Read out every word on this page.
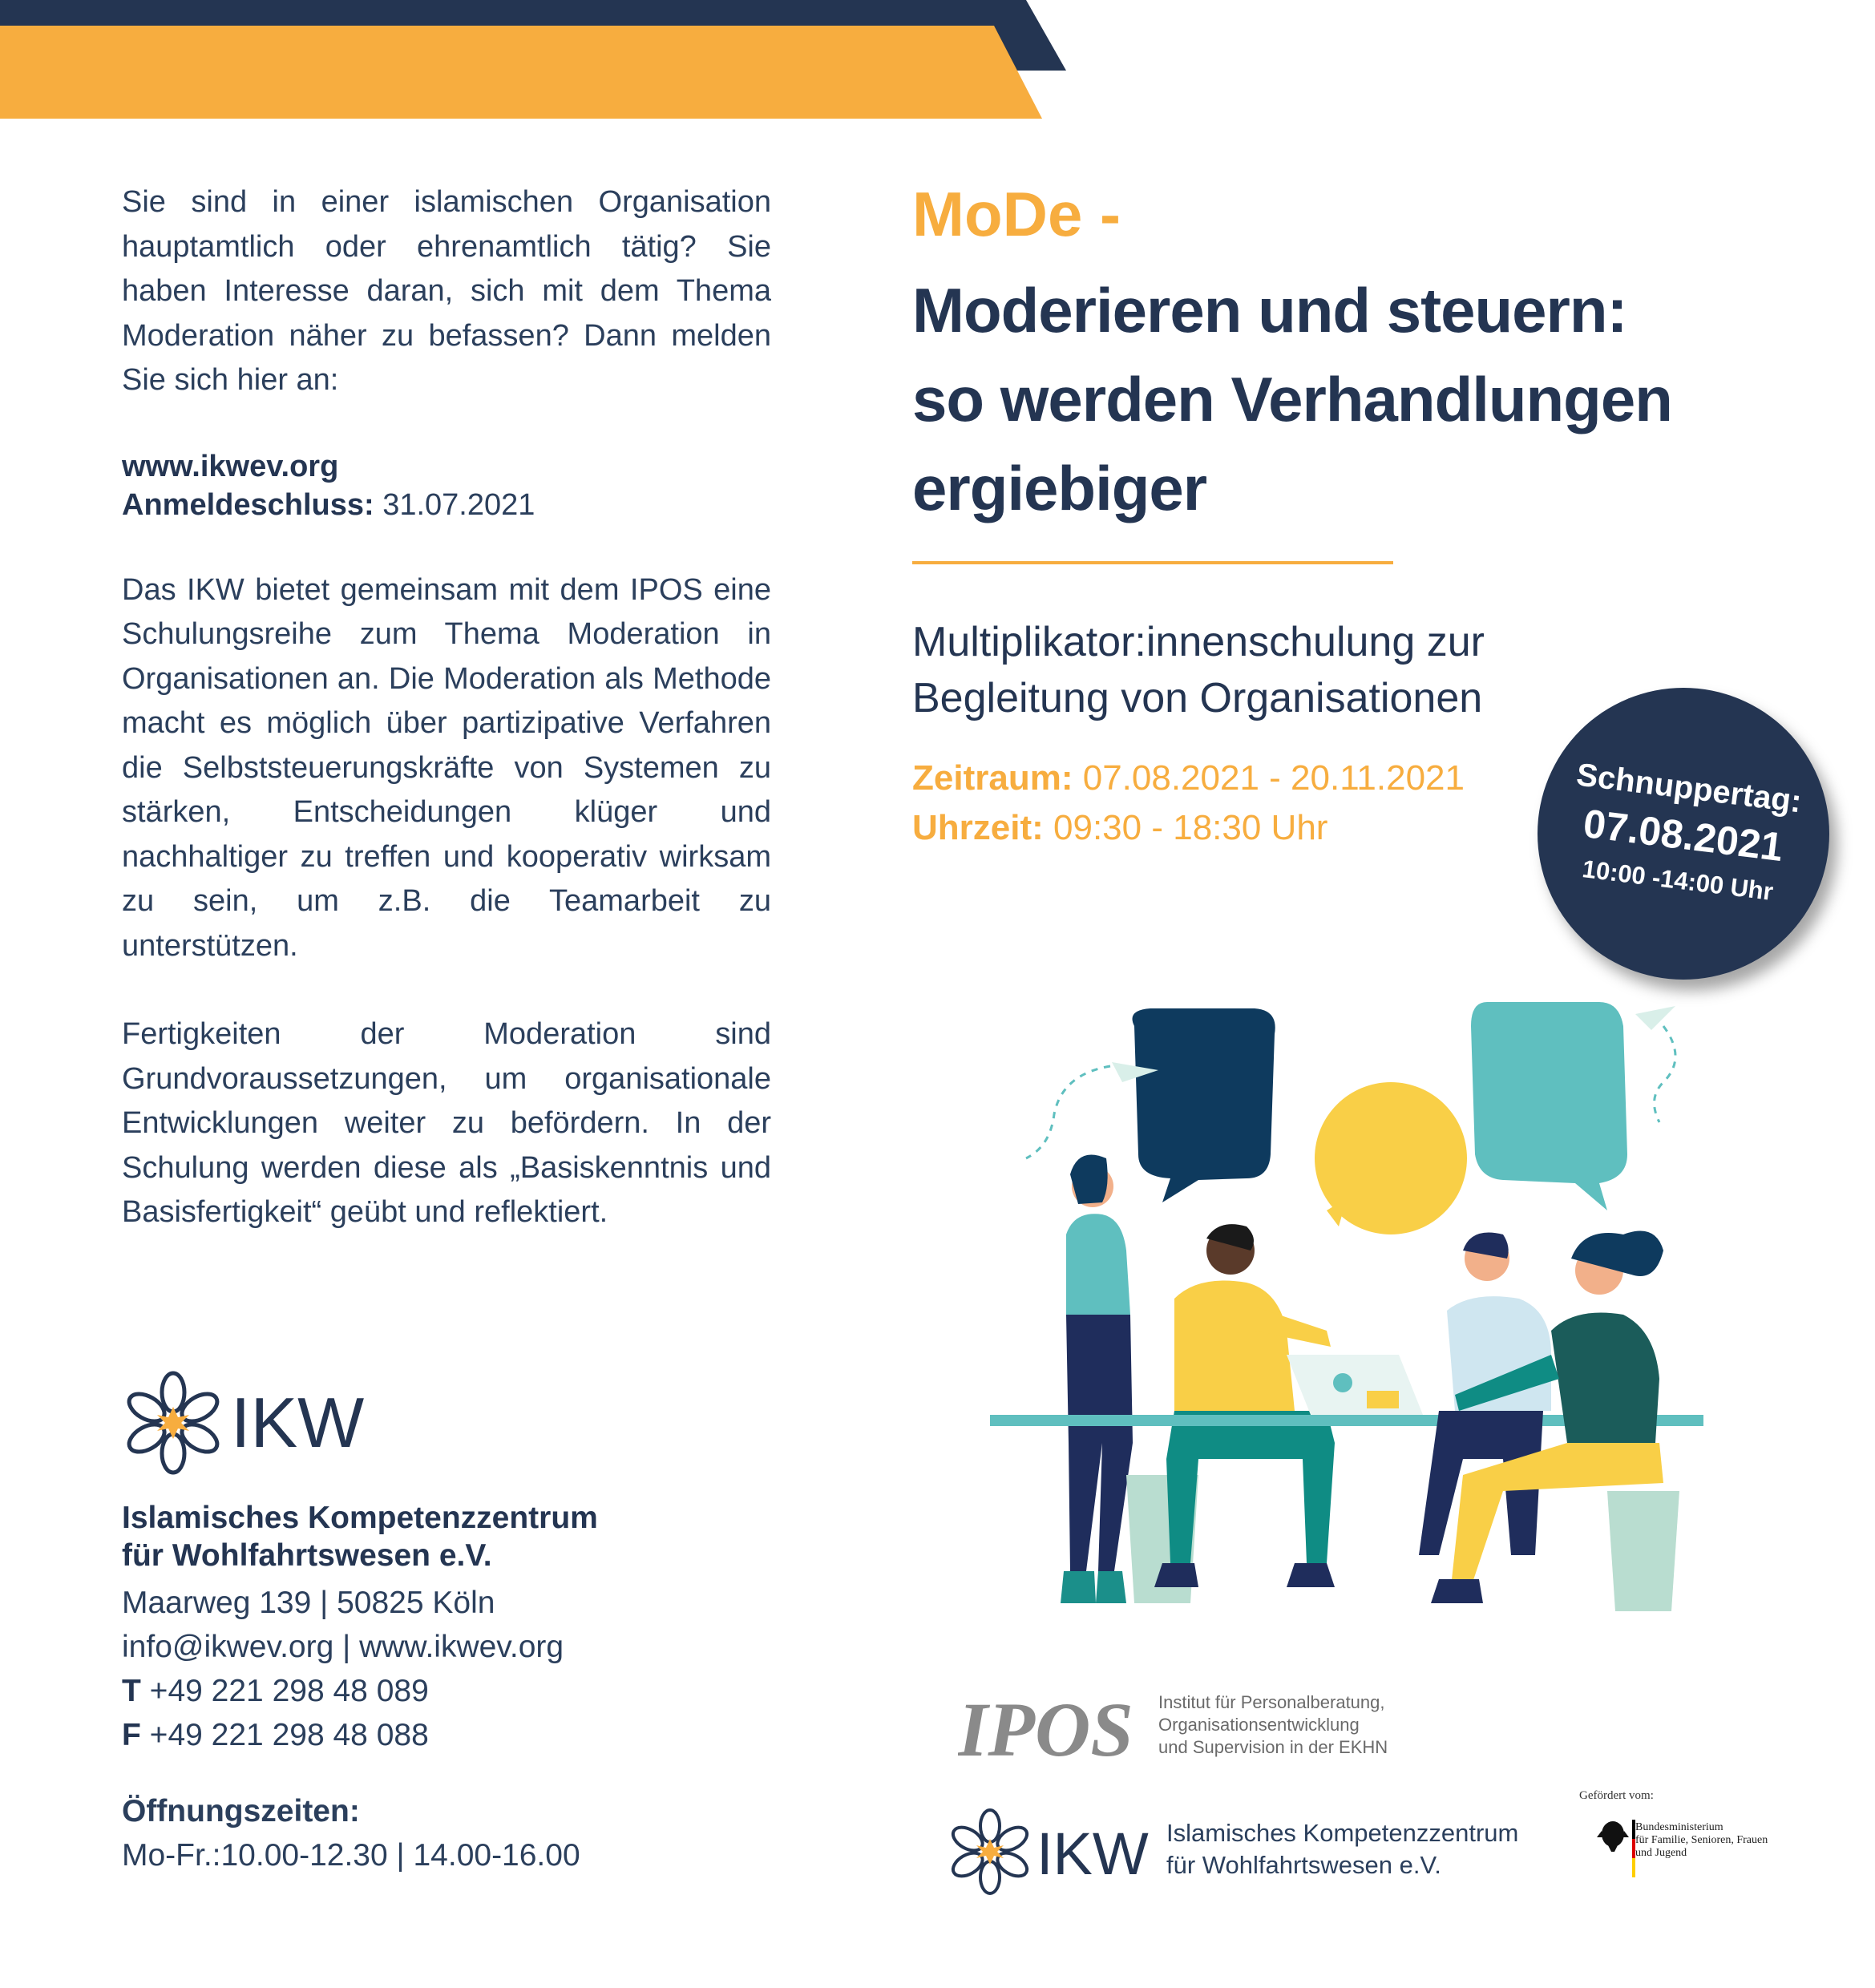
Sie sind in einer islamischen Organisation hauptamtlich oder ehrenamtlich tätig? Sie haben Interesse daran, sich mit dem Thema Moderation näher zu befassen? Dann melden Sie sich hier an:

www.ikwev.org

Anmeldeschluss: 31.07.2021

Das IKW bietet gemeinsam mit dem IPOS eine Schulungsreihe zum Thema Moderation in Organisationen an. Die Moderation als Methode macht es möglich über partizipative Verfahren die Selbststeuerungskräfte von Systemen zu stärken, Entscheidungen klüger und nachhaltiger zu treffen und kooperativ wirksam zu sein, um z.B. die Teamarbeit zu unterstützen.

Fertigkeiten der Moderation sind Grundvoraussetzungen, um organisationale Entwicklungen weiter zu befördern. In der Schulung werden diese als „Basiskenntnis und Basisfertigkeit“ geübt und reflektiert.

IKW

Islamisches Kompetenzzentrum

für Wohlfahrtswesen e.V.

Maarweg 139 | 50825 Köln

info@ikwev.org | www.ikwev.org

T +49 221 298 48 089

F +49 221 298 48 088

Öffnungszeiten:

Mo-Fr.:10.00-12.30 | 14.00-16.00

MoDe -

Moderieren und steuern:
so werden Verhandlungen
ergiebiger
Multiplikator:innenschulung zur
Begleitung von Organisationen
Zeitraum: 07.08.2021 - 20.11.2021
Uhrzeit: 09:30 - 18:30 Uhr
Schnuppertag:
07.08.2021
10:00 -14:00 Uhr
IPOS Institut für Personalberatung,
Organisationsentwicklung
und Supervision in der EKHN
IKW Islamisches Kompetenzzentrum
für Wohlfahrtswesen e.V.
Gefördert vom:
Bundesministerium
für Familie, Senioren, Frauen
und Jugend
